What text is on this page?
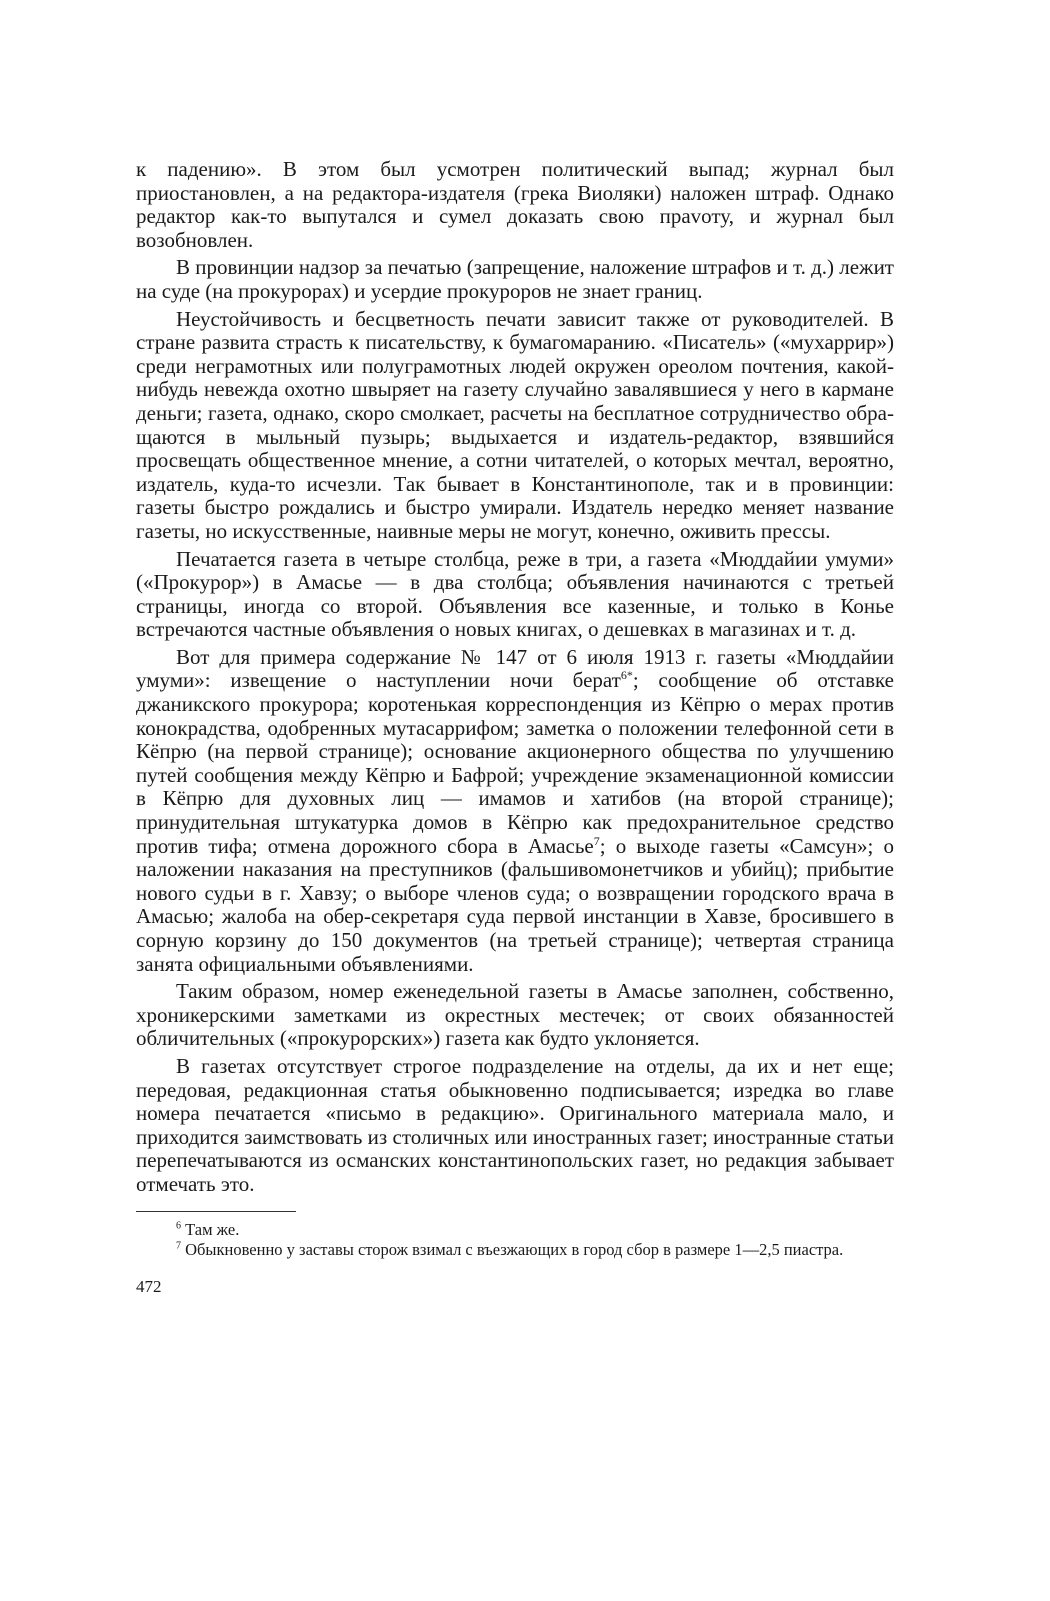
к падению». В этом был усмотрен политический выпад; журнал был приостановлен, а на редактора-издателя (грека Виоляки) наложен штраф. Однако редактор как-то выпутался и сумел доказать свою праvоту, и журнал был возобновлен.

В провинции надзор за печатью (запрещение, наложение штрафов и т. д.) лежит на суде (на прокурорах) и усердие прокуроров не знает границ.

Неустойчивость и бесцветность печати зависит также от руководителей. В стране развита страсть к писательству, к бумагомаранию. «Писатель» («мухаррир») среди неграмотных или полуграмотных людей окружен ореолом почтения, какой-нибудь невежда охотно швыряет на газету случайно завалявшиеся у него в кармане деньги; газета, однако, скоро смолкает, расчеты на бесплатное сотрудничество обращаются в мыльный пузырь; выдыхается и издатель-редактор, взявшийся просвещать общественное мнение, а сотни читателей, о которых мечтал, вероятно, издатель, куда-то исчезли. Так бывает в Константинополе, так и в провинции: газеты быстро рождались и быстро умирали. Издатель нередко меняет название газеты, но искусственные, наивные меры не могут, конечно, оживить прессы.

Печатается газета в четыре столбца, реже в три, а газета «Мюддайии умуми» («Прокурор») в Амасье — в два столбца; объявления начинаются с третьей страницы, иногда со второй. Объявления все казенные, и только в Конье встречаются частные объявления о новых книгах, о дешевках в магазинах и т. д.

Вот для примера содержание № 147 от 6 июля 1913 г. газеты «Мюддайии умуми»: извещение о наступлении ночи берат$^{6*}$; сообщение об отставке джаникского прокурора; коротенькая корреспонденция из Кёпрю о мерах против конокрадства, одобренных мутасаррифом; заметка о положении телефонной сети в Кёпрю (на первой странице); основание акционерного общества по улучшению путей сообщения между Кёпрю и Бафрой; учреждение экзаменационной комиссии в Кёпрю для духовных лиц — имамов и хатибов (на второй странице); принудительная штукатурка домов в Кёпрю как предохранительное средство против тифа; отмена дорожного сбора в Амасье$^7$; о выходе газеты «Самсун»; о наложении наказания на преступников (фальшивомонетчиков и убийц); прибытие нового судьи в г. Хавзу; о выборе членов суда; о возвращении городского врача в Амасью; жалоба на обер-секретаря суда первой инстанции в Хавзе, бросившего в сорную корзину до 150 документов (на третьей странице); четвертая страница занята официальными объявлениями.

Таким образом, номер еженедельной газеты в Амасье заполнен, собственно, хроникерскими заметками из окрестных местечек; от своих обязанностей обличительных («прокурорских») газета как будто уклоняется.

В газетах отсутствует строгое подразделение на отделы, да их и нет еще; передовая, редакционная статья обыкновенно подписывается; изредка во главе номера печатается «письмо в редакцию». Оригинального материала мало, и приходится заимствовать из столичных или иностранных газет; иностранные статьи перепечатываются из османских константинопольских газет, но редакция забывает отмечать это.

$^6$ Там же.

$^7$ Обыкновенно у заставы сторож взимал с въезжающих в город сбор в размере 1—2,5 пиастра.

472
